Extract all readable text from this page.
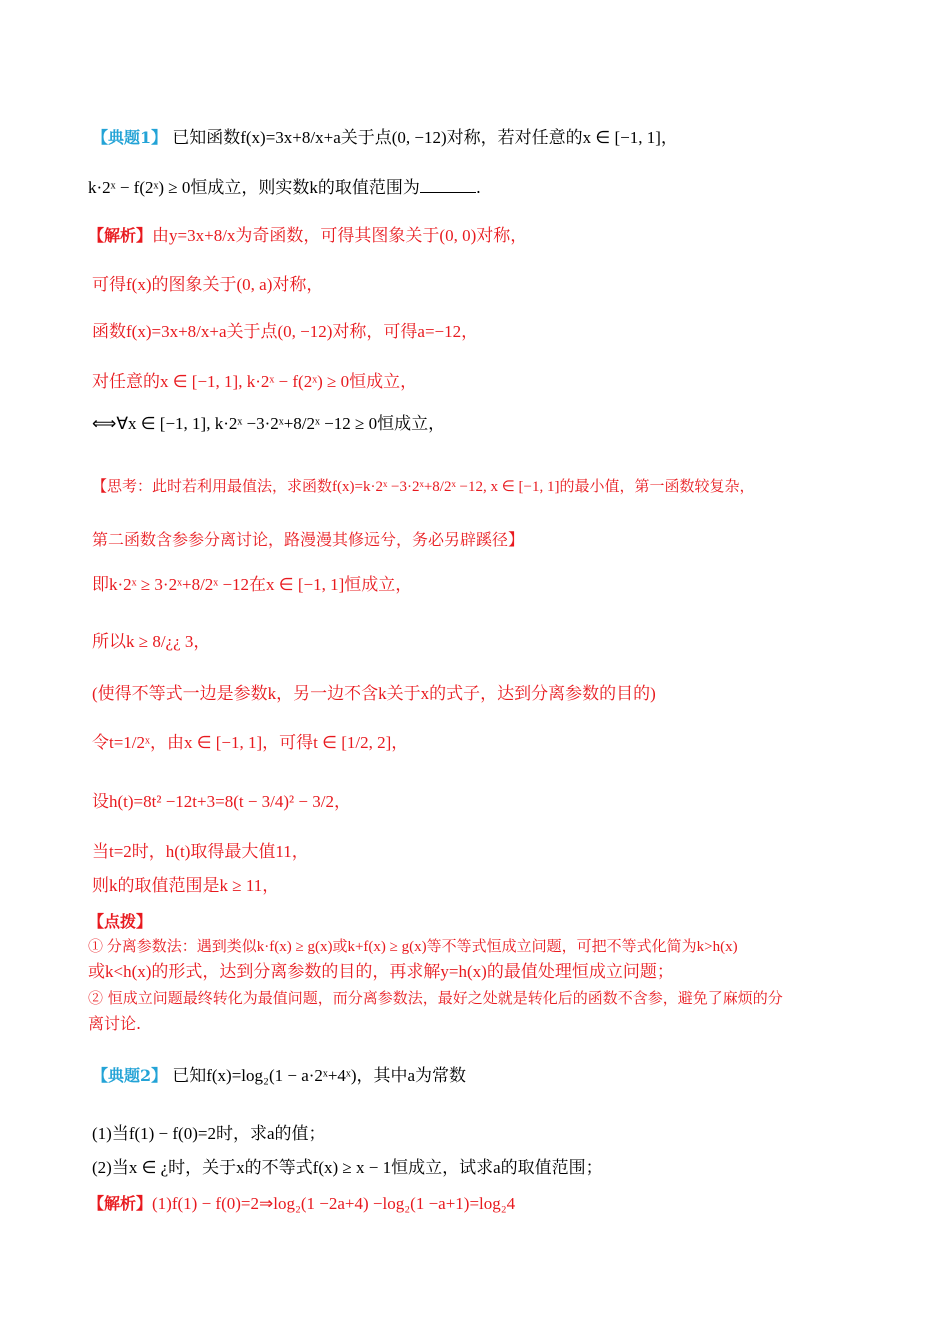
【典题1】 已知函数f(x)=3x+8/x+a关于点(0, −12)对称，若对任意的x ∈ [−1, 1]，
k·2ˣ − f(2ˣ) ≥ 0恒成立，则实数k的取值范围为	.
【解析】由y=3x+8/x为奇函数，可得其图象关于(0, 0)对称，
可得f(x)的图象关于(0, a)对称，
函数f(x)=3x+8/x+a关于点(0, −12)对称，可得a=−12，
对任意的x ∈ [−1, 1], k·2ˣ − f(2ˣ) ≥ 0恒成立，
⟺∀x ∈ [−1, 1], k·2ˣ −3·2ˣ+8/2ˣ −12 ≥ 0恒成立，
【思考：此时若利用最值法，求函数f(x)=k·2ˣ −3·2ˣ+8/2ˣ −12, x ∈ [−1, 1]的最小值，第一函数较复杂，
第二函数含参参分离讨论，路漫漫其修远兮，务必另辟蹊径】
即k·2ˣ ≥ 3·2ˣ+8/2ˣ −12在x ∈ [−1, 1]恒成立，
所以k ≥ 8/¿¿ 3，
(使得不等式一边是参数k，另一边不含k关于x的式子，达到分离参数的目的)
令t=1/2ˣ，由x ∈ [−1, 1]，可得t ∈ [1/2, 2]，
设h(t)=8t² −12t+3=8(t − 3/4)² − 3/2，
当t=2时，h(t)取得最大值11，
则k的取值范围是k ≥ 11，
【点拨】
① 分离参数法：遇到类似k·f(x) ≥ g(x)或k+f(x) ≥ g(x)等不等式恒成立问题，可把不等式化简为k>h(x)
或k<h(x)的形式，达到分离参数的目的，再求解y=h(x)的最值处理恒成立问题；
② 恒成立问题最终转化为最值问题，而分离参数法，最好之处就是转化后的函数不含参，避免了麻烦的分
离讨论.
【典题2】 已知f(x)=log₂(1 − a·2ˣ+4ˣ)，其中a为常数
(1)当f(1) − f(0)=2时，求a的值；
(2)当x ∈ ¿时，关于x的不等式f(x) ≥ x − 1恒成立，试求a的取值范围；
【解析】(1)f(1) − f(0)=2⇒log₂(1 −2a+4) −log₂(1 −a+1)=log₂4
